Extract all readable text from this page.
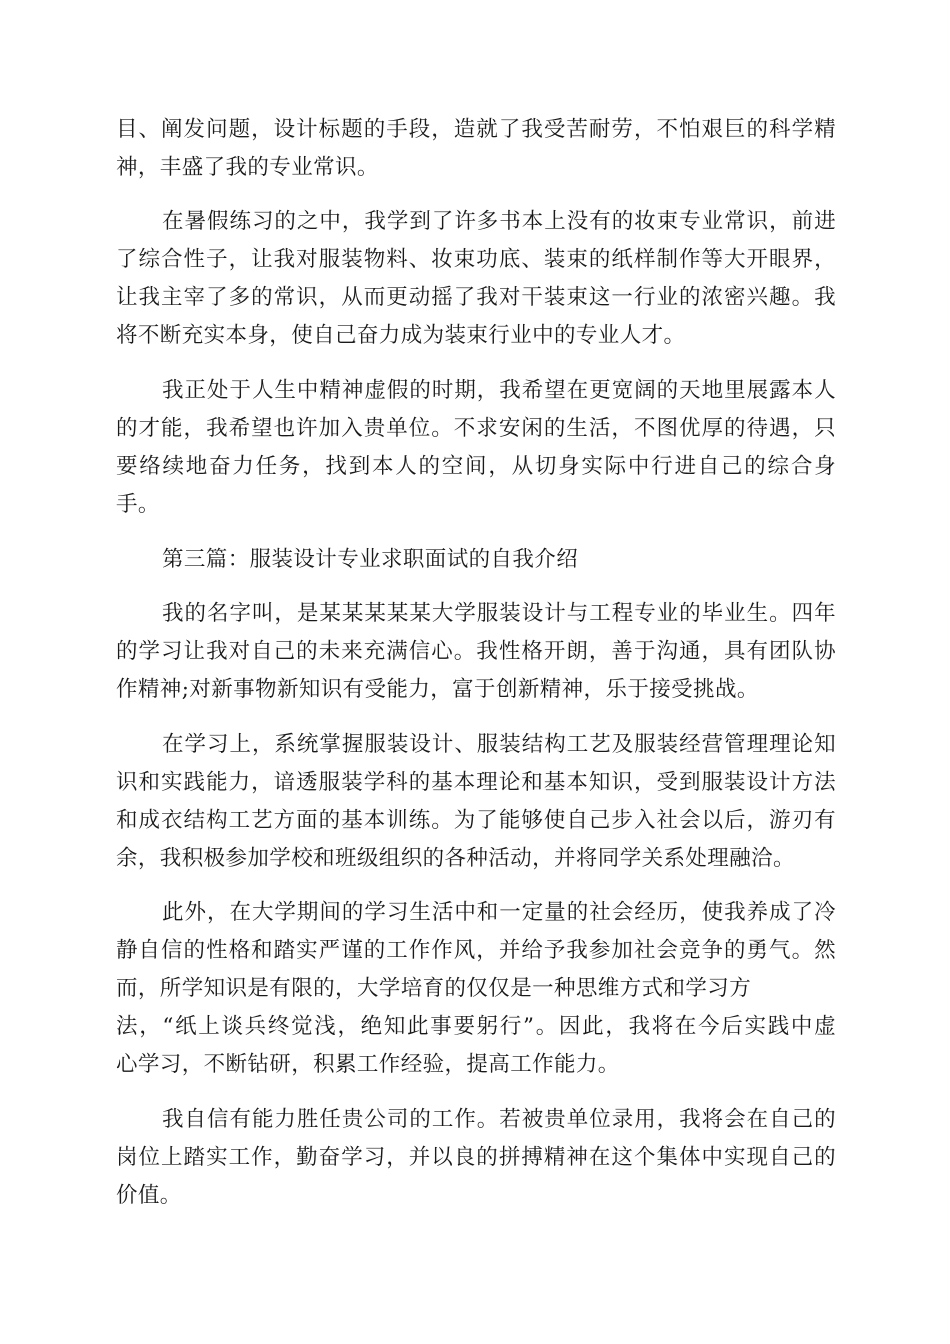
目、阐发问题，设计标题的手段，造就了我受苦耐劳，不怕艰巨的科学精
神，丰盛了我的专业常识。
在暑假练习的之中，我学到了许多书本上没有的妆束专业常识，前进
了综合性子，让我对服装物料、妆束功底、装束的纸样制作等大开眼界，
让我主宰了多的常识，从而更动摇了我对干装束这一行业的浓密兴趣。我
将不断充实本身，使自己奋力成为装束行业中的专业人才。
我正处于人生中精神虚假的时期，我希望在更宽阔的天地里展露本人
的才能，我希望也许加入贵单位。不求安闲的生活，不图优厚的待遇，只
要络续地奋力任务，找到本人的空间，从切身实际中行进自己的综合身
手。
第三篇：服装设计专业求职面试的自我介绍
我的名字叫，是某某某某某大学服装设计与工程专业的毕业生。四年
的学习让我对自己的未来充满信心。我性格开朗，善于沟通，具有团队协
作精神;对新事物新知识有受能力，富于创新精神，乐于接受挑战。
在学习上，系统掌握服装设计、服装结构工艺及服装经营管理理论知
识和实践能力，谙透服装学科的基本理论和基本知识，受到服装设计方法
和成衣结构工艺方面的基本训练。为了能够使自己步入社会以后，游刃有
余，我积极参加学校和班级组织的各种活动，并将同学关系处理融洽。
此外，在大学期间的学习生活中和一定量的社会经历，使我养成了冷
静自信的性格和踏实严谨的工作作风，并给予我参加社会竞争的勇气。然
而，所学知识是有限的，大学培育的仅仅是一种思维方式和学习方
法，“纸上谈兵终觉浅，绝知此事要躬行”。因此，我将在今后实践中虚
心学习，不断钻研，积累工作经验，提高工作能力。
我自信有能力胜任贵公司的工作。若被贵单位录用，我将会在自己的
岗位上踏实工作，勤奋学习，并以良的拼搏精神在这个集体中实现自己的
价值。
